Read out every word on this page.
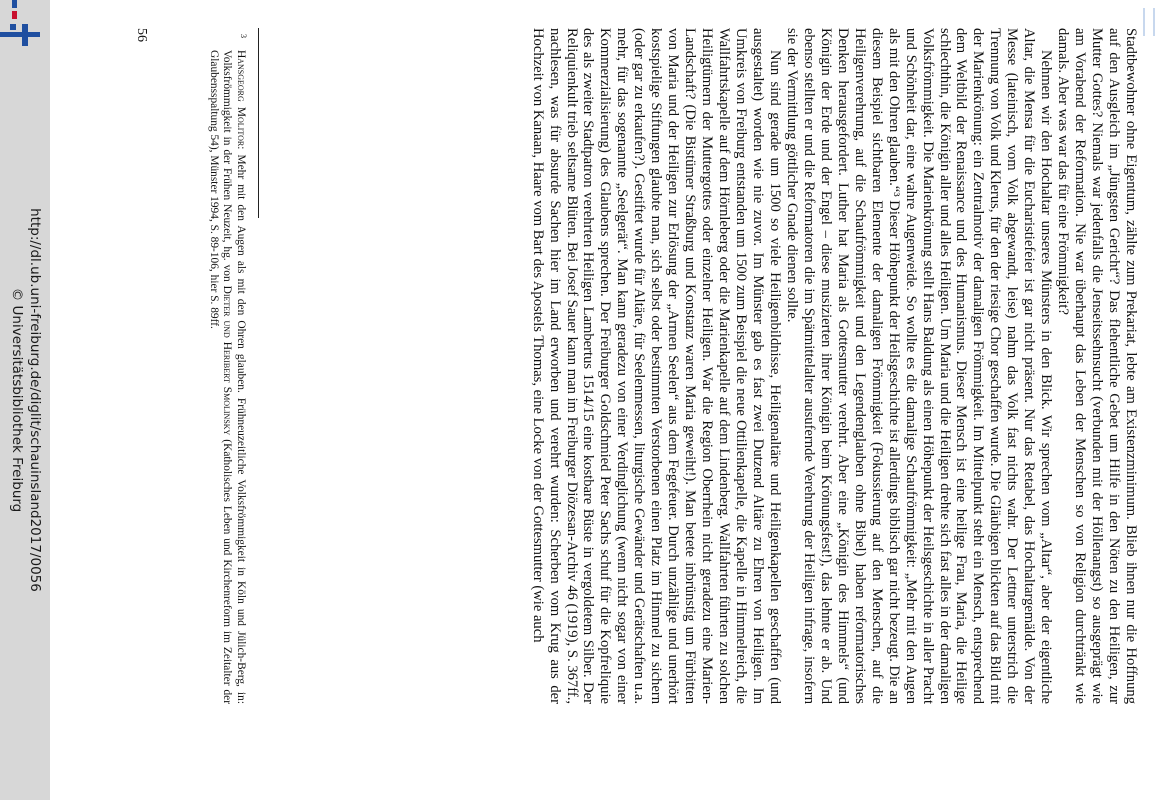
http://dl.ub.uni-freiburg.de/diglit/schauinsland2017/0056
© Universitätsbibliothek Freiburg	Stadtbewohner ohne Eigentum, zählte zum Prekariat, lebte am Existenzminimum. Blieb ihnen nur die Hoffnung auf den Ausgleich im „Jüngsten Gericht“? Das flehentliche Gebet um Hilfe in den Nöten zu den Heiligen, zur Mutter Gottes? Niemals war jedenfalls die Jenseitssehnsucht (verbunden mit der Höllenangst) so ausgeprägt wie am Vorabend der Reformation. Nie war überhaupt das Leben der Menschen so von Religion durchtränkt wie damals. Aber was war das für eine Frömmigkeit?

Nehmen wir den Hochaltar unseres Münsters in den Blick. Wir sprechen vom „Altar“, aber der eigentliche Altar, die Mensa für die Eucharistiefeier ist gar nicht präsent. Nur das Retabel, das Hochaltargemälde. Von der Messe (lateinisch, vom Volk abgewandt, leise) nahm das Volk fast nichts wahr. Der Lettner unterstrich die Trennung von Volk und Klerus, für den der riesige Chor geschaffen wurde. Die Gläubigen blickten auf das Bild mit der Marienkrönung: ein Zentralmotiv der damaligen Frömmigkeit. Im Mittelpunkt steht ein Mensch, entsprechend dem Weltbild der Renaissance und des Humanismus. Dieser Mensch ist eine heilige Frau, Maria, die Heilige schlechthin, die Königin aller und alles Heiligen. Um Maria und die Heiligen drehte sich fast alles in der damaligen Volksfrömmigkeit. Die Marienkrönung stellt Hans Baldung als einen Höhepunkt der Heilsgeschichte in aller Pracht und Schönheit dar, eine wahre Augenweide. So wollte es die damalige Schaufrömmigkeit: „Mehr mit den Augen als mit den Ohren glauben.“³ Dieser Höhepunkt der Heilsgeschichte ist allerdings biblisch gar nicht bezeugt. Die an diesem Beispiel sichtbaren Elemente der damaligen Frömmigkeit (Fokussierung auf den Menschen, auf die Heiligenverehrung, auf die Schaufrömmigkeit und den Legendenglauben ohne Bibel) haben reformatorisches Denken herausgefordert. Luther hat Maria als Gottesmutter verehrt. Aber eine „Königin des Himmels“ (und Königin der Erde und der Engel – diese musizierten ihrer Königin beim Krönungsfest!), das lehnte er ab. Und ebenso stellten er und die Reformatoren die im Spätmittelalter ausufernde Verehrung der Heiligen infrage, insofern sie der Vermittlung göttlicher Gnade dienen sollte.

Nun sind gerade um 1500 so viele Heiligenbildnisse, Heiligenaltäre und Heiligenkapellen geschaffen (und ausgestaltet) worden wie nie zuvor. Im Münster gab es fast zwei Dutzend Altäre zu Ehren von Heiligen. Im Umkreis von Freiburg entstanden um 1500 zum Beispiel die neue Ottilienkapelle, die Kapelle in Himmelreich, die Wallfahrtskapelle auf dem Hörnleberg oder die Marienkapelle auf dem Lindenberg. Wallfahrten führten zu solchen Heiligtümern der Muttergottes oder einzelner Heiligen. War die Region Oberrhein nicht geradezu eine Marien-Landschaft? (Die Bistümer Straßburg und Konstanz waren Maria geweiht!). Man betete inbrünstig um Fürbitten von Maria und der Heiligen zur Erlösung der „Armen Seelen“ aus dem Fegefeuer. Durch unzählige und unerhört kostspielige Stiftungen glaubte man, sich selbst oder bestimmten Verstorbenen einen Platz im Himmel zu sichern (oder gar zu erkaufen?). Gestiftet wurde für Altäre, für Seelenmessen, liturgische Gewänder und Gerätschaften u.a. mehr, für das sogenannte „Seelgerät“. Man kann geradezu von einer Verdinglichung (wenn nicht sogar von einer Kommerzialisierung) des Glaubens sprechen. Der Freiburger Goldschmied Peter Sachs schuf für die Kopfreliquie des als zweiter Stadtpatron verehrten Heiligen Lambertus 1514/15 eine kostbare Büste in vergoldetem Silber. Der Reliquienkult trieb seltsame Blüten. Bei Josef Sauer kann man im Freiburger Diözesan-Archiv 46 (1919), S. 367ff., nachlesen, was für absurde Sachen hier im Land erworben und verehrt wurden: Scherben vom Krug aus der Hochzeit von Kanaan, Haare vom Bart des Apostels Thomas, eine Locke von der Gottesmutter (wie auch

3
Hansgeorg Molitor: Mehr mit den Augen als mit den Ohren glauben. Frühneuzeitliche Volksfrömmigkeit in Köln und Jülich-Berg, in: Volksfrömmigkeit in der Frühen Neuzeit, hg. von Dieter und Heribert Smolinsky (Katholisches Leben und Kirchenreform im Zeitalter der Glaubensspaltung 54), Münster 1994, S. 89-106, hier S. 89ff.
56
